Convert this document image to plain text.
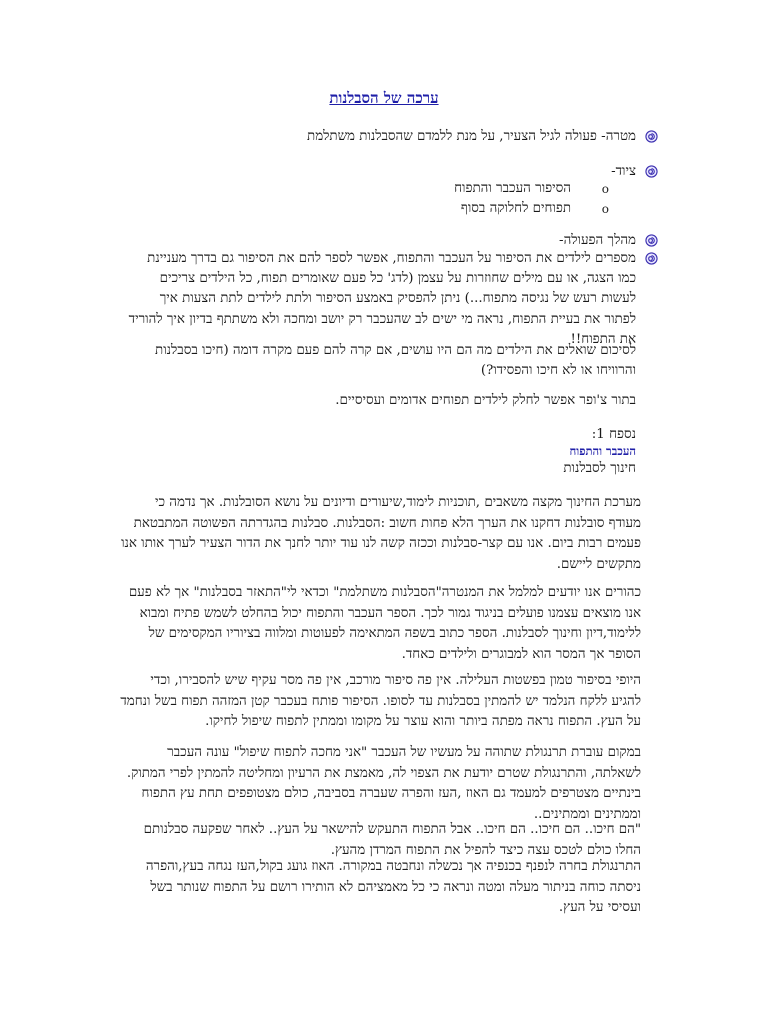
ערכה של הסבלנות
מטרה- פעולה לגיל הצעיר, על מנת ללמדם שהסבלנות משתלמת
ציוד-
o
הסיפור העכבר והתפוח
o
תפוחים לחלוקה בסוף
מהלך הפעולה-
מספרים לילדים את הסיפור על העכבר והתפוח, אפשר לספר להם את הסיפור גם בדרך מעניינת כמו הצגה, או עם מילים שחוזרות על עצמן (לדג' כל פעם שאומרים תפוח, כל הילדים צריכים לעשות רעש של נגיסה מתפוח...) ניתן להפסיק באמצע הסיפור ולתת לילדים לתת הצעות איך לפתור את בעיית התפוח, נראה מי ישים לב שהעכבר רק יושב ומחכה ולא משתתף בדיון איך להוריד את התפוח!!
לסיכום שואלים את הילדים מה הם היו עושים, אם קרה להם פעם מקרה דומה (חיכו בסבלנות והרוויחו או לא חיכו והפסידו?)
בתור צ'ופר אפשר לחלק לילדים תפוחים אדומים ועסיסיים.
נספח 1:
העכבר והתפוח
חינוך לסבלנות
מערכת החינוך מקצה משאבים ,תוכניות לימוד,שיעורים ודיונים על נושא הסובלנות. אך נדמה כי מעודף סובלנות דחקנו את הערך הלא פחות חשוב :הסבלנות. סבלנות בהגדרתה הפשוטה המתבטאת פעמים רבות ביום. אנו עם קצר-סבלנות וככזה קשה לנו עוד יותר לחנך את הדור הצעיר לערך אותו אנו מתקשים ליישם.
כהורים אנו יודעים למלמל את המנטרה"הסבלנות משתלמת" וכדאי לי"התאזר בסבלנות" אך לא פעם אנו מוצאים עצמנו פועלים בניגוד גמור לכך. הספר העכבר והתפוח יכול בהחלט לשמש פתיח ומבוא ללימוד,דיון וחינוך לסבלנות. הספר כתוב בשפה המתאימה לפעוטות ומלווה בציוריו המקסימים של הסופר אך המסר הוא למבוגרים ולילדים כאחד.
היופי בסיפור טמון בפשטות העלילה. אין פה סיפור מורכב, אין פה מסר עקיף שיש להסבירו, וכדי להגיע ללקח הנלמד יש להמתין בסבלנות עד לסופו. הסיפור פותח בעכבר קטן המזהה תפוח בשל ונחמד על העץ. התפוח נראה מפתה ביותר והוא עוצר על מקומו וממתין לתפוח שיפול לחיקו.
במקום עוברת תרנגולת שתוהה על מעשיו של העכבר "אני מחכה לתפוח שיפול" עונה העכבר לשאלתה, והתרנגולת שטרם יודעת את הצפוי לה, מאמצת את הרעיון ומחליטה להמתין לפרי המתוק. בינתיים מצטרפים למעמד גם האוז ,העז והפרה שעברה בסביבה, כולם מצטופפים תחת עץ התפוח וממתינים וממתינים..
"הם חיכו.. הם חיכו.. הם חיכו.. אבל התפוח התעקש להישאר על העץ.. לאחר שפקעה סבלנותם החלו כולם לטכס עצה כיצד להפיל את התפוח המרדן מהעץ.
התרנגולת בחרה לנפנף בכנפיה אך נכשלה ונחבטה במקורה. האוז גועג בקול,העז נגחה בעץ,והפרה ניסתה כוחה בניתור מעלה ומטה ונראה כי כל מאמציהם לא הותירו רושם על התפוח שנותר בשל ועסיסי על העץ.
